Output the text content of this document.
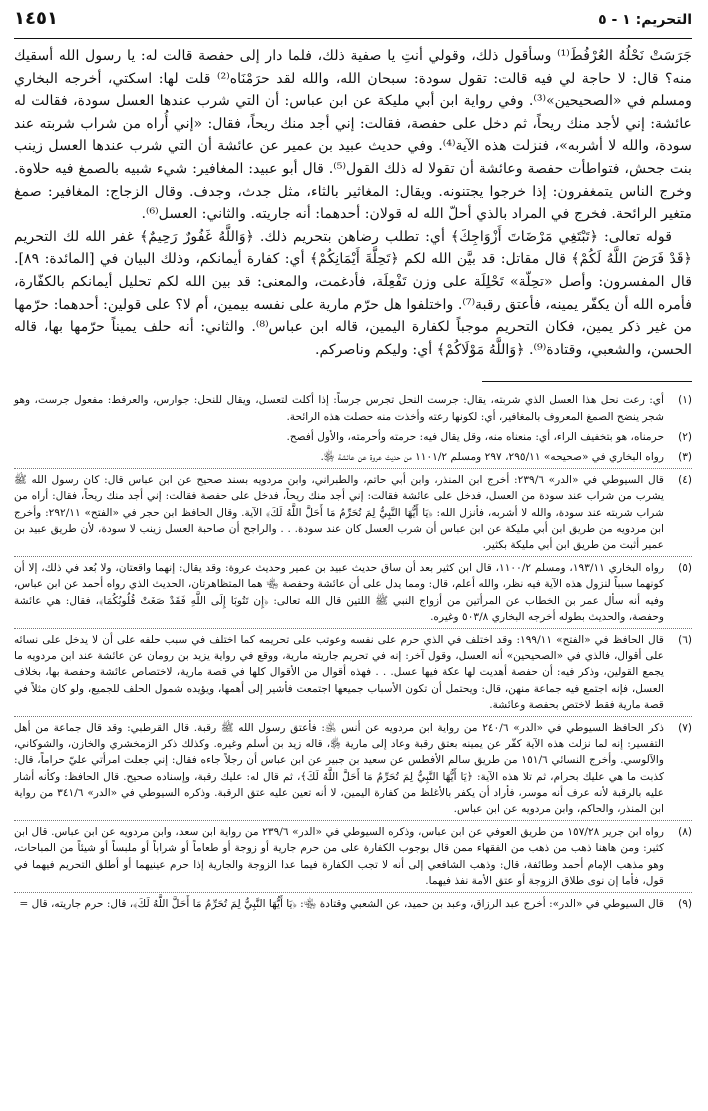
التحريم: ١ - ٥
١٤٥١

جَرَسَتْ نَحْلُهُ العُرْفُطَ⁽¹⁾ وسأقول ذلك، وقولي أنتِ يا صفية ذلك، فلما دار إلى حفصة قالت له: يا رسول الله أسقيك منه؟ قال: لا حاجة لي فيه قالت: تقول سودة: سبحان الله، والله لقد حرَمْنَاه⁽²⁾ قلت لها: اسكتي، أخرجه البخاري ومسلم في «الصحيحين»⁽³⁾. وفي رواية ابن أبي مليكة عن ابن عباس: أن التي شرب عندها العسل سودة، فقالت له عائشة: إني لأجد منك ريحاً، ثم دخل على حفصة، فقالت: إني أجد منك ريحاً، فقال: «إني أُراه من شراب شربته عند سودة، والله لا أشربه»، فنزلت هذه الآية⁽⁴⁾. وفي حديث عبيد بن عمير عن عائشة أن التي شرب عندها العسل زينب بنت جحش، فتواطأت حفصة وعائشة أن تقولا له ذلك القول⁽⁵⁾. قال أبو عبيد: المغافير: شيء شبيه بالصمغ فيه حلاوة. وخرج الناس يتمغفرون: إذا خرجوا يجتنونه. ويقال: المغاثير بالثاء، مثل جدث، وجدف. وقال الزجاج: المغافير: صمغ متغير الرائحة. فخرج في المراد بالذي أحلّ الله له قولان: أحدهما: أنه جاريته. والثاني: العسل⁽⁶⁾.

قوله تعالى: ﴿تَبْتَغِي مَرْضَاتَ أَزْوَاجِكَ﴾ أي: تطلب رضاهن بتحريم ذلك. ﴿وَاللَّهُ غَفُورٌ رَحِيمٌ﴾ غفر الله لك التحريم ﴿قَدْ فَرَضَ اللَّهُ لَكُمْ﴾ قال مقاتل: قد بيَّن الله لكم ﴿تَحِلَّةَ أَيْمَانِكُمْ﴾ أي: كفارة أيمانكم، وذلك البيان في [المائدة: ٨٩]. قال المفسرون: وأصل «تحِلّة» تَحْلِلَة على وزن تَفْعِلَة، فأدغمت، والمعنى: قد بين الله لكم تحليل أيمانكم بالكفّارة، فأمره الله أن يكفّر يمينه، فأعتق رقبة⁽⁷⁾. واختلفوا هل حرّم مارية على نفسه بيمين، أم لا؟ على قولين: أحدهما: حرّمها من غير ذكر يمين، فكان التحريم موجباً لكفارة اليمين، قاله ابن عباس⁽⁸⁾. والثاني: أنه حلف يميناً حرّمها بها، قاله الحسن، والشعبي، وقتادة⁽⁹⁾. ﴿وَاللَّهُ مَوْلَاكُمْ﴾ أي: وليكم وناصركم.

(١)
أي: رعت نحل هذا العسل الذي شربته، يقال: جرست النحل تجرس جرساً: إذا أكلت لتعسل، ويقال للنحل: جوارس، والعرفط: مفعول جرست، وهو شجر ينضح الصمغ المعروف بالمغافير، أي: لكونها رعته وأخذت منه حصلت هذه الرائحة.
(٢)
حرمناه، هو بتخفيف الراء، أي: منعناه منه، وقل يقال فيه: حرمته وأحرمته، والأول أفصح.
(٣)
رواه البخاري في «صحيحه» ٢٩٥/١١، ٢٩٧ ومسلم ١١٠١/٢ من حديث عروة عن عائشة ﵂.
(٤)
قال السيوطي في «الدر» ٢٣٩/٦: أخرج ابن المنذر، وابن أبي حاتم، والطبراني، وابن مردويه بسند صحيح عن ابن عباس قال: كان رسول الله ﷺ يشرب من شراب عند سودة من العسل، فدخل على عائشة فقالت: إني أجد منك ريحاً، فدخل على حفصة فقالت: إني أجد منك ريحاً، فقال: أراه من شراب شربته عند سودة، والله لا أشربه، فأنزل الله: ﴿يَا أَيُّهَا النَّبِيُّ لِمَ تُحَرِّمُ مَا أَحَلَّ اللَّهُ لَكَ﴾ الآية. وقال الحافظ ابن حجر في «الفتح» ٢٩٢/١١: وأخرج ابن مردويه من طريق ابن أبي مليكة عن ابن عباس أن شرب العسل كان عند سودة. . . والراجح أن صاحبة العسل زينب لا سودة، لأن طريق عبيد بن عمير أثبت من طريق ابن أبي مليكة بكثير.
(٥)
رواه البخاري ١٩٣/١١، ومسلم ١١٠٠/٢، قال ابن كثير بعد أن ساق حديث عبيد بن عمير وحديث عروة: وقد يقال: إنهما واقعتان، ولا بُعد في ذلك، إلا أن كونهما سبباً لنزول هذه الآية فيه نظر، والله أعلم، قال: ومما يدل على أن عائشة وحفصة ﵄ هما المتظاهرتان، الحديث الذي رواه أحمد عن ابن عباس، وفيه أنه سأل عمر بن الخطاب عن المرأتين من أزواج النبي ﷺ اللتين قال الله تعالى: ﴿إِن تَتُوبَا إِلَى اللَّهِ فَقَدْ صَغَتْ قُلُوبُكُمَا﴾، فقال: هي عائشة وحفصة، والحديث بطوله أخرجه البخاري ٥٠٣/٨ وغيره.
(٦)
قال الحافظ في «الفتح» ١٩٩/١١: وقد اختلف في الذي حرم على نفسه وعوتب على تحريمه كما اختلف في سبب حلفه على أن لا يدخل على نسائه على أقوال، فالذي في «الصحيحين» أنه العسل، وقول آخر: إنه في تحريم جاريته مارية، ووقع في رواية يزيد بن رومان عن عائشة عند ابن مردويه ما يجمع القولين، وذكر فيه: أن حفصة أهديت لها عكة فيها عسل. . . فهذه أقوال من الأقوال كلها في قصة مارية، لاختصاص عائشة وحفصة بها، بخلاف العسل، فإنه اجتمع فيه جماعة منهن، قال: ويحتمل أن تكون الأسباب جميعها اجتمعت فأشير إلى أهمها، ويؤيده شمول الحلف للجميع، ولو كان مثلاً في قصة مارية فقط لاختص بحفصة وعائشة.
(٧)
ذكر الحافظ السيوطي في «الدر» ٢٤٠/٦ من رواية ابن مردويه عن أنس ﵁: فأعتق رسول الله ﷺ رقبة. قال القرطبي: وقد قال جماعة من أهل التفسير: إنه لما نزلت هذه الآية كفّر عن يمينه بعتق رقبة وعاد إلى مارية ﵂، قاله زيد بن أسلم وغيره. وكذلك ذكر الزمخشري والخازن، والشوكاني، والآلوسي. وأخرج النسائي ١٥١/٦ من طريق سالم الأفطس عن سعيد بن جبير عن ابن عباس أن رجلاً جاءه فقال: إني جعلت امرأتي عليّ حراماً، قال: كذبت ما هي عليك بحرام، ثم تلا هذه الآية: ﴿يَا أَيُّهَا النَّبِيُّ لِمَ تُحَرِّمُ مَا أَحَلَّ اللَّهُ لَكَ﴾، ثم قال له: عليك رقبة، وإسناده صحيح. قال الحافظ: وكأنه أشار عليه بالرقبة لأنه عرف أنه موسر، فأراد أن يكفر بالأغلظ من كفارة اليمين، لا أنه تعين عليه عتق الرقبة. وذكره السيوطي في «الدر» ٣٤١/٦ من رواية ابن المنذر، والحاكم، وابن مردويه عن ابن عباس.
(٨)
رواه ابن جرير ١٥٧/٢٨ من طريق العوفي عن ابن عباس، وذكره السيوطي في «الدر» ٢٣٩/٦ من رواية ابن سعد، وابن مردويه عن ابن عباس. قال ابن كثير: ومن هاهنا ذهب من ذهب من الفقهاء ممن قال بوجوب الكفارة على من حرم جارية أو زوجة أو طعاماً أو شراباً أو ملبساً أو شيئاً من المباحات، وهو مذهب الإمام أحمد وطائفة، قال: وذهب الشافعي إلى أنه لا تجب الكفارة فيما عدا الزوجة والجارية إذا حرم عينيهما أو أطلق التحريم فيهما في قول، فأما إن نوى طلاق الزوجة أو عتق الأمة نفذ فيهما.
(٩)
قال السيوطي في «الدر»: أخرج عبد الرزاق، وعبد بن حميد، عن الشعبي وقتادة ﵄: ﴿يَا أَيُّهَا النَّبِيُّ لِمَ تُحَرِّمُ مَا أَحَلَّ اللَّهُ لَكَ﴾، قال: حرم جاريته، قال =
